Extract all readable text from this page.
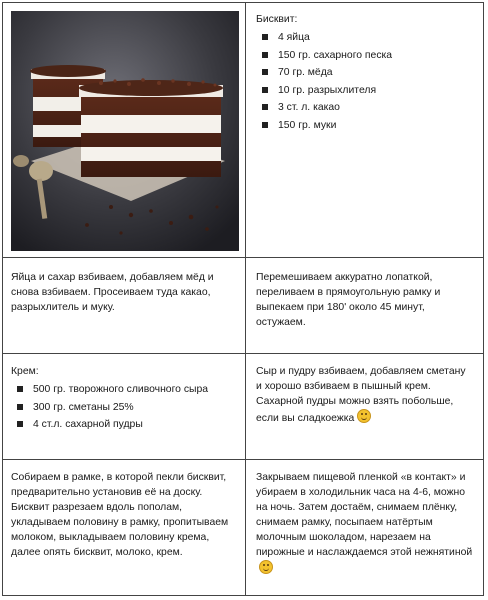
Бисквит:

4 яйца
150 гр. сахарного песка
70 гр. мёда
10 гр. разрыхлителя
3 ст. л. какао
150 гр. муки

Яйца и сахар взбиваем, добавляем мёд и снова взбиваем. Просеиваем туда какао, разрыхлитель и муку.

Перемешиваем аккуратно лопаткой, переливаем в прямоугольную рамку и выпекаем при 180' около 45 минут, остужаем.

Крем:

500 гр. творожного сливочного сыра
300 гр. сметаны 25%
4 ст.л. сахарной пудры

Сыр и пудру взбиваем, добавляем сметану и хорошо взбиваем в пышный крем. Сахарной пудры можно взять побольше, если вы сладкоежка

Собираем в рамке, в которой пекли бисквит, предварительно установив её на доску. Бисквит разрезаем вдоль пополам, укладываем половину в рамку, пропитываем молоком, выкладываем половину крема, далее опять бисквит, молоко, крем.

Закрываем пищевой пленкой «в контакт» и убираем в холодильник часа на 4-6, можно на ночь. Затем достаём, снимаем плёнку, снимаем рамку, посыпаем натёртым молочным шоколадом, нарезаем на пирожные и наслаждаемся этой нежнятиной
